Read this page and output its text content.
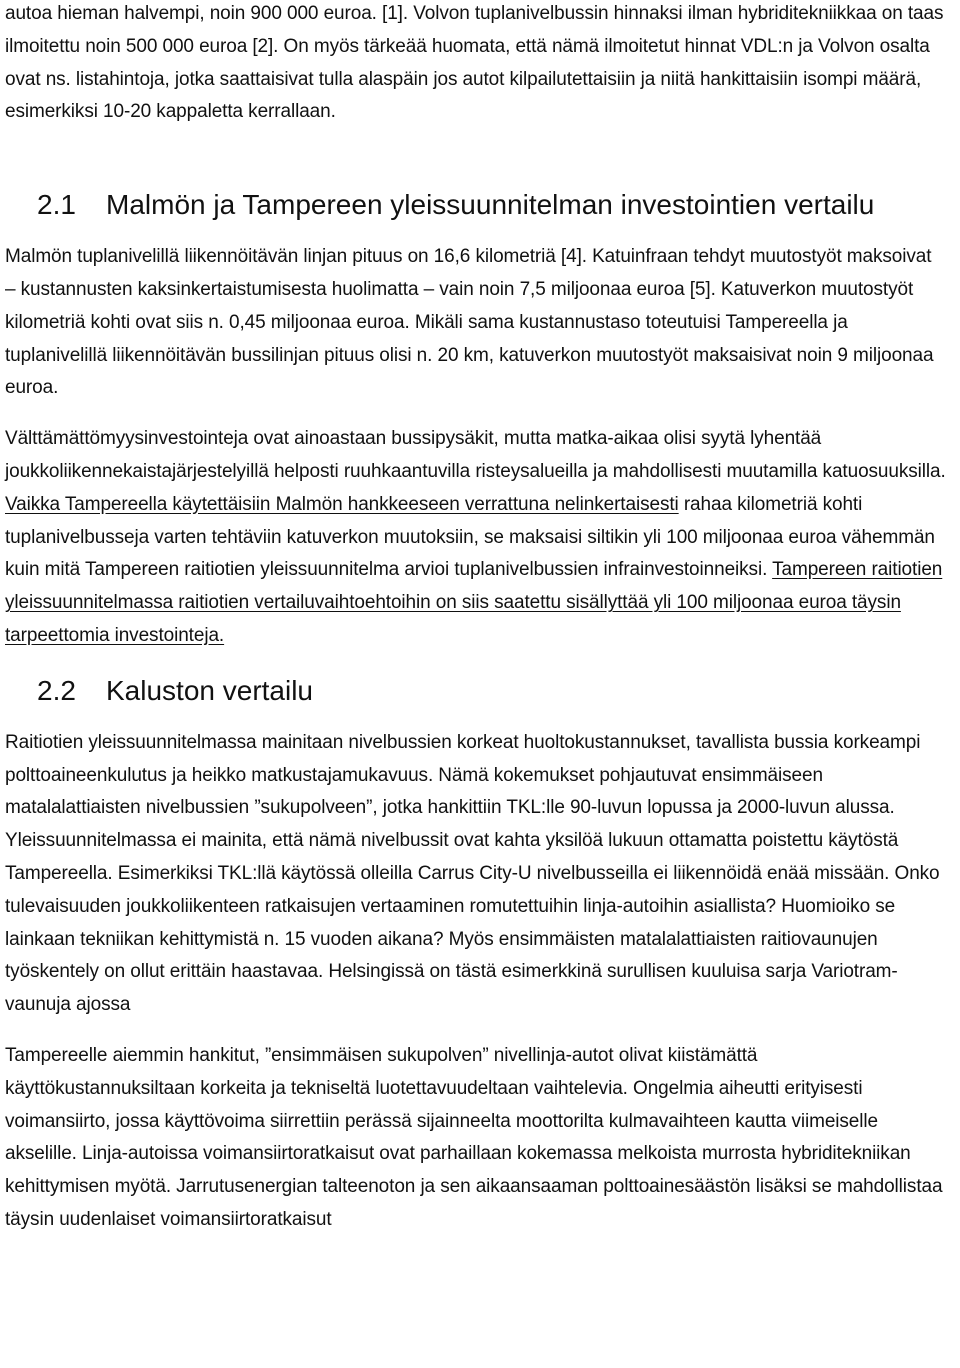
autoa hieman halvempi, noin 900 000 euroa. [1]. Volvon tuplanivelbussin hinnaksi ilman hybriditekniikkaa on taas ilmoitettu noin 500 000 euroa [2]. On myös tärkeää huomata, että nämä ilmoitetut hinnat VDL:n ja Volvon osalta ovat ns. listahintoja, jotka saattaisivat tulla alaspäin jos autot kilpailutettaisiin ja niitä hankittaisiin isompi määrä, esimerkiksi 10-20 kappaletta kerrallaan.

2.1 Malmön ja Tampereen yleissuunnitelman investointien vertailu

Malmön tuplanivelillä liikennöitävän linjan pituus on 16,6 kilometriä [4]. Katuinfraan tehdyt muutostyöt maksoivat – kustannusten kaksinkertaistumisesta huolimatta – vain noin 7,5 miljoonaa euroa [5]. Katuverkon muutostyöt kilometriä kohti ovat siis n. 0,45 miljoonaa euroa. Mikäli sama kustannustaso toteutuisi Tampereella ja tuplanivelillä liikennöitävän bussilinjan pituus olisi n. 20 km, katuverkon muutostyöt maksaisivat noin 9 miljoonaa euroa.

Välttämättömyysinvestointeja ovat ainoastaan bussipysäkit, mutta matka-aikaa olisi syytä lyhentää joukkoliikennekaistajärjestelyillä helposti ruuhkaantuvilla risteysalueilla ja mahdollisesti muutamilla katuosuuksilla. Vaikka Tampereella käytettäisiin Malmön hankkeeseen verrattuna nelinkertaisesti rahaa kilometriä kohti tuplanivelbusseja varten tehtäviin katuverkon muutoksiin, se maksaisi siltikin yli 100 miljoonaa euroa vähemmän kuin mitä Tampereen raitiotien yleissuunnitelma arvioi tuplanivelbussien infrainvestoinneiksi. Tampereen raitiotien yleissuunnitelmassa raitiotien vertailuvaihtoehtoihin on siis saatettu sisällyttää yli 100 miljoonaa euroa täysin tarpeettomia investointeja.

2.2 Kaluston vertailu

Raitiotien yleissuunnitelmassa mainitaan nivelbussien korkeat huoltokustannukset, tavallista bussia korkeampi polttoaineenkulutus ja heikko matkustajamukavuus. Nämä kokemukset pohjautuvat ensimmäiseen matalalattiaisten nivelbussien ”sukupolveen”, jotka hankittiin TKL:lle 90-luvun lopussa ja 2000-luvun alussa. Yleissuunnitelmassa ei mainita, että nämä nivelbussit ovat kahta yksilöä lukuun ottamatta poistettu käytöstä Tampereella. Esimerkiksi TKL:llä käytössä olleilla Carrus City-U nivelbusseilla ei liikennöidä enää missään. Onko tulevaisuuden joukkoliikenteen ratkaisujen vertaaminen romutettuihin linja-autoihin asiallista? Huomioiko se lainkaan tekniikan kehittymistä n. 15 vuoden aikana? Myös ensimmäisten matalalattiaisten raitiovaunujen työskentely on ollut erittäin haastavaa. Helsingissä on tästä esimerkkinä surullisen kuuluisa sarja Variotram-vaunuja ajossa

Tampereelle aiemmin hankitut, ”ensimmäisen sukupolven” nivellinja-autot olivat kiistämättä käyttökustannuksiltaan korkeita ja tekniseltä luotettavuudeltaan vaihtelevia. Ongelmia aiheutti erityisesti voimansiirto, jossa käyttövoima siirrettiin perässä sijainneelta moottorilta kulmavaihteen kautta viimeiselle akselille. Linja-autoissa voimansiirtoratkaisut ovat parhaillaan kokemassa melkoista murrosta hybriditekniikan kehittymisen myötä. Jarrutusenergian talteenoton ja sen aikaansaaman polttoainesäästön lisäksi se mahdollistaa täysin uudenlaiset voimansiirtoratkaisut
